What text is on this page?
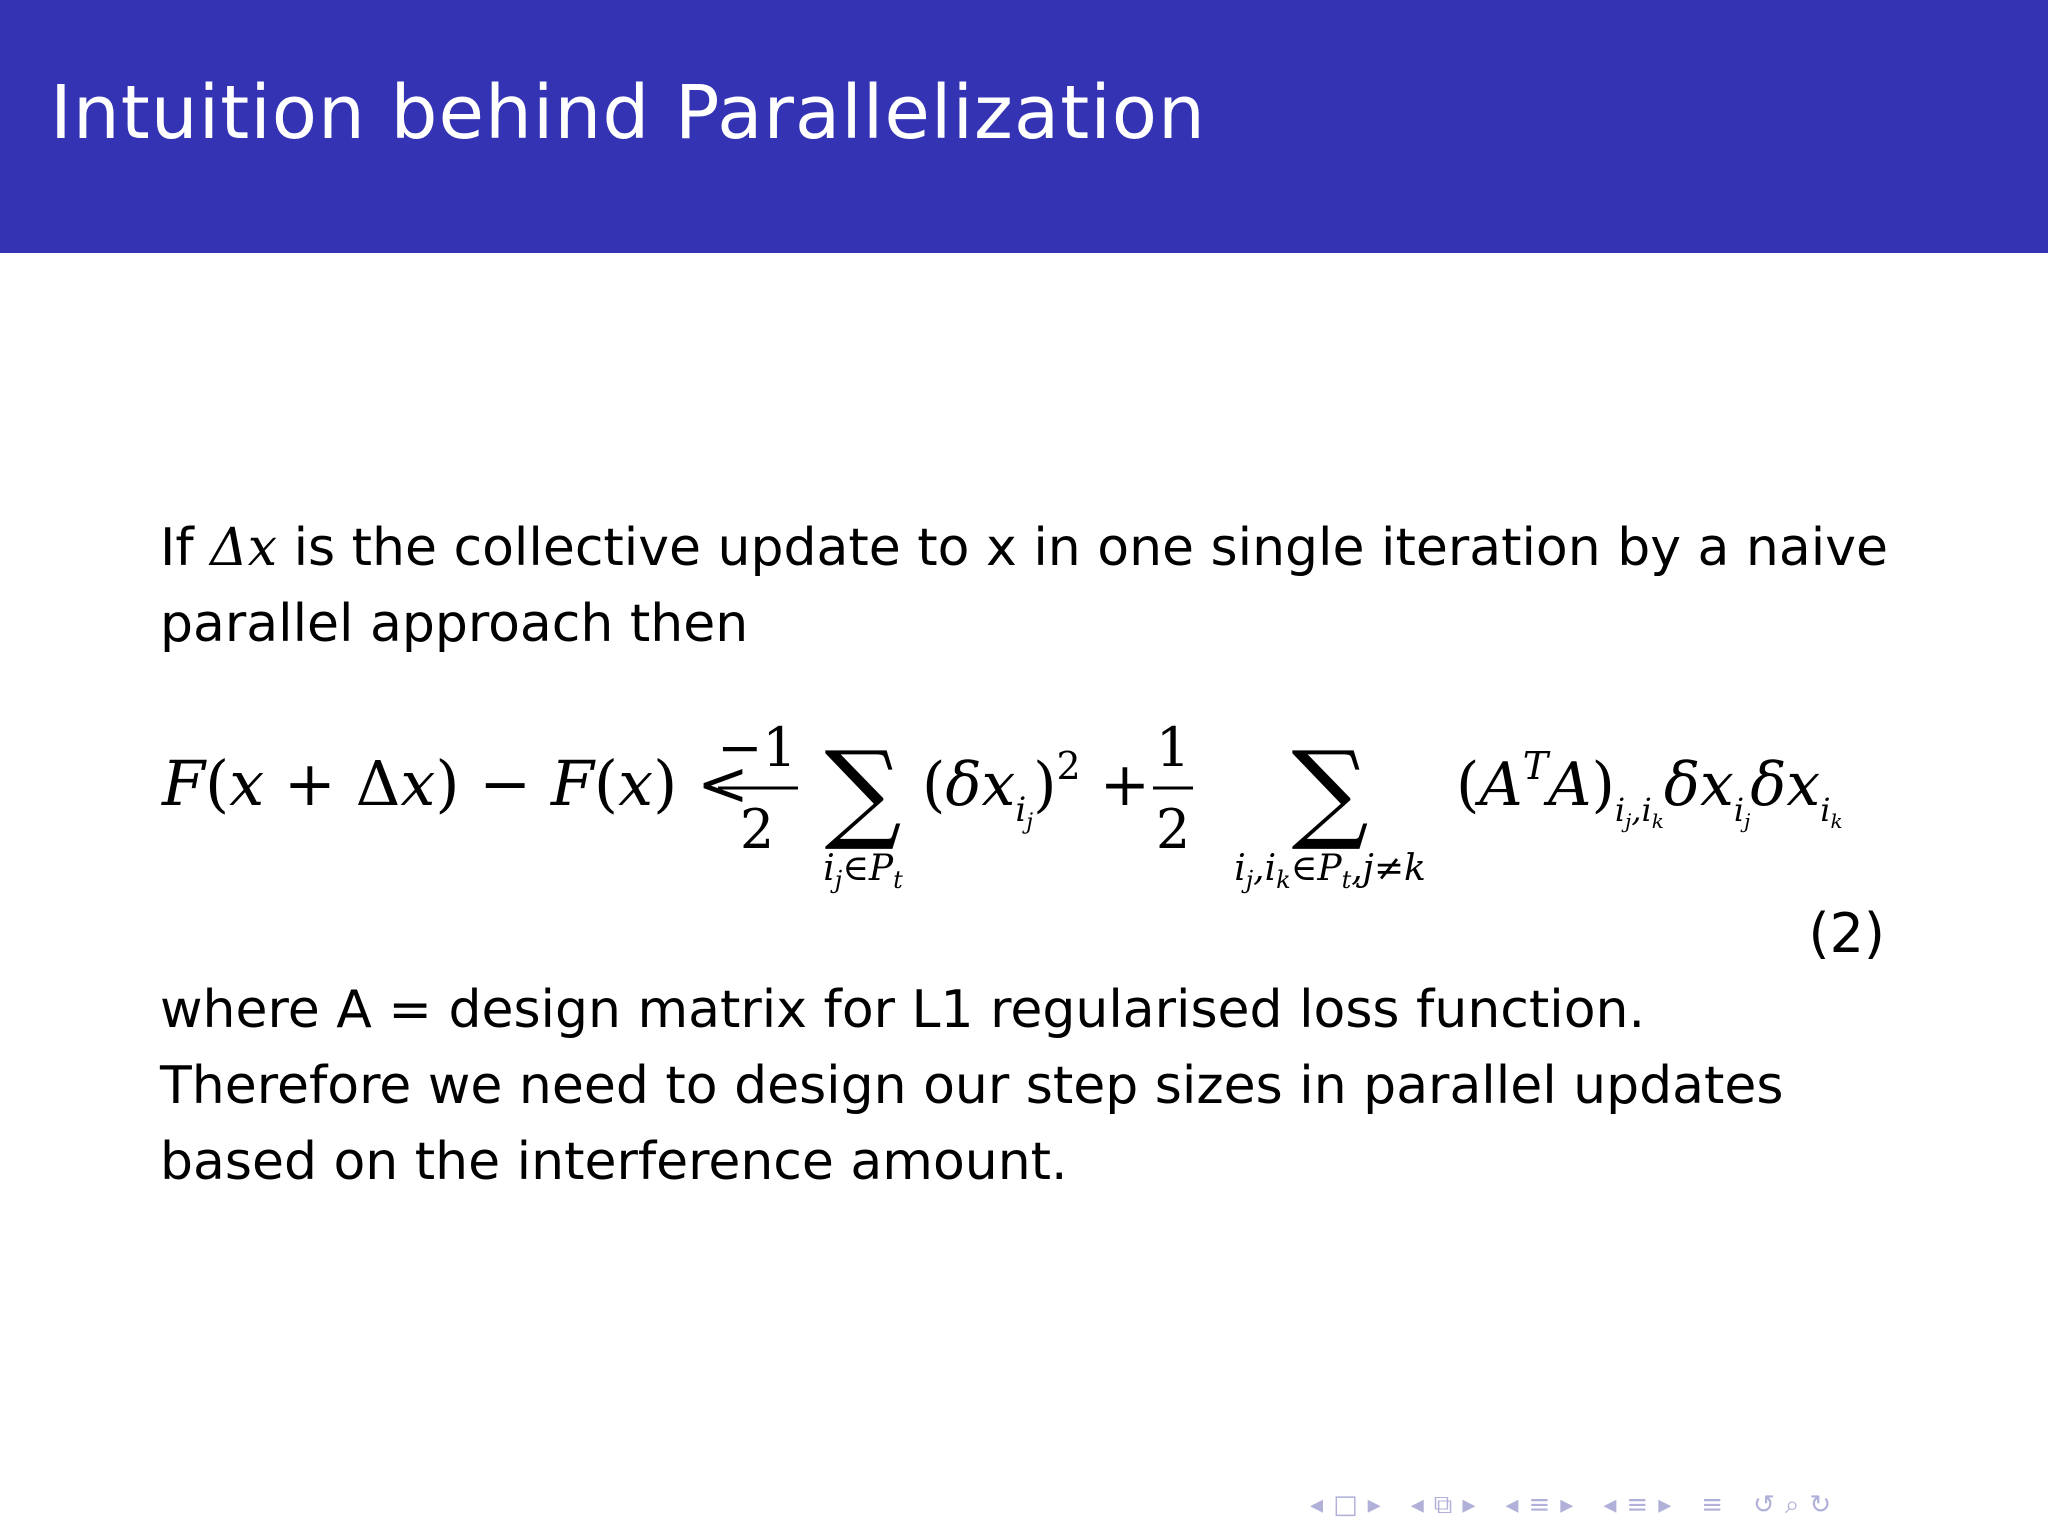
Intuition behind Parallelization
If Δx is the collective update to x in one single iteration by a naive
parallel approach then
F(x + Δx) − F(x) <
−1
2 ∑
$i_j\in P_t$
$(\delta x_ij)^2$ +
1
2 ∑
$i_j,i_k\in P_t,j\ne k$
$(A^TA)_ij,ik\delta x_ij\delta x_ik$
(2)
where A = design matrix for L1 regularised loss function.
Therefore we need to design our step sizes in parallel updates
based on the interference amount.
◂ □ ▸ ◂ ⧉ ▸ ◂ ≡ ▸ ◂ ≡ ▸ ≡ ↺ ⌕ ↻
